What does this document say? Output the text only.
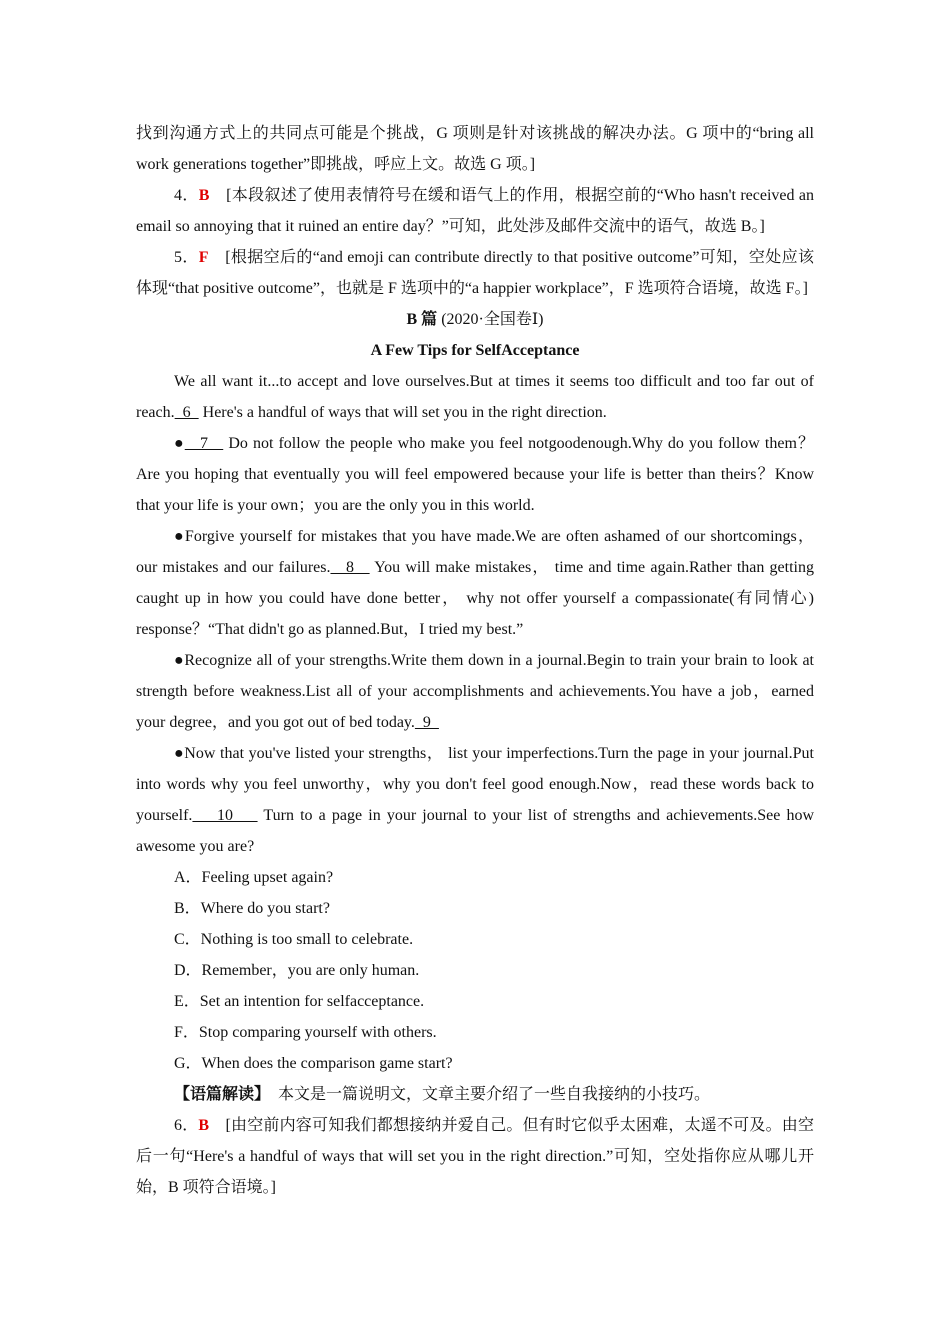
找到沟通方式上的共同点可能是个挑战，G 项则是针对该挑战的解决办法。G 项中的“bring all work generations together”即挑战，呼应上文。故选 G 项。]

4．B　 [本段叙述了使用表情符号在缓和语气上的作用，根据空前的“Who hasn't received an email so annoying that it ruined an entire day？”可知，此处涉及邮件交流中的语气，故选 B。]

5．F　 [根据空后的“and emoji can contribute directly to that positive outcome”可知，空处应该体现“that positive outcome”，也就是 F 选项中的“a happier workplace”，F 选项符合语境，故选 F。]

B 篇 (2020·全国卷Ⅰ)

A Few Tips for SelfAcceptance

We all want it...to accept and love ourselves.But at times it seems too difficult and too far out of reach.  6   Here's a handful of ways that will set you in the right direction.

●   7    Do not follow the people who make you feel notgoodenough.Why do you follow them？ Are you hoping that eventually you will feel empowered because your life is better than theirs？Know that your life is your own；you are the only you in this world.

●Forgive yourself for mistakes that you have made.We are often ashamed of our shortcomings， our mistakes and our failures.   8    You will make mistakes， time and time again.Rather than getting caught up in how you could have done better， why not offer yourself a compassionate(有同情心) response？“That didn't go as planned.But，I tried my best.”

●Recognize all of your strengths.Write them down in a journal.Begin to train your brain to look at strength before weakness.List all of your accomplishments and achievements.You have a job，earned your degree，and you got out of bed today.  9

●Now that you've listed your strengths， list your imperfections.Turn the page in your journal.Put into words why you feel unworthy，why you don't feel good enough.Now，read these words back to yourself.    10     Turn to a page in your journal to your list of strengths and achievements.See how awesome you are?

A．Feeling upset again?

B．Where do you start?

C．Nothing is too small to celebrate.

D．Remember，you are only human.

E．Set an intention for selfacceptance.

F．Stop comparing yourself with others.

G．When does the comparison game start?

【语篇解读】　本文是一篇说明文，文章主要介绍了一些自我接纳的小技巧。

6．B　 [由空前内容可知我们都想接纳并爱自己。但有时它似乎太困难，太遥不可及。由空后一句“Here's a handful of ways that will set you in the right direction.”可知，空处指你应从哪儿开始，B 项符合语境。]
